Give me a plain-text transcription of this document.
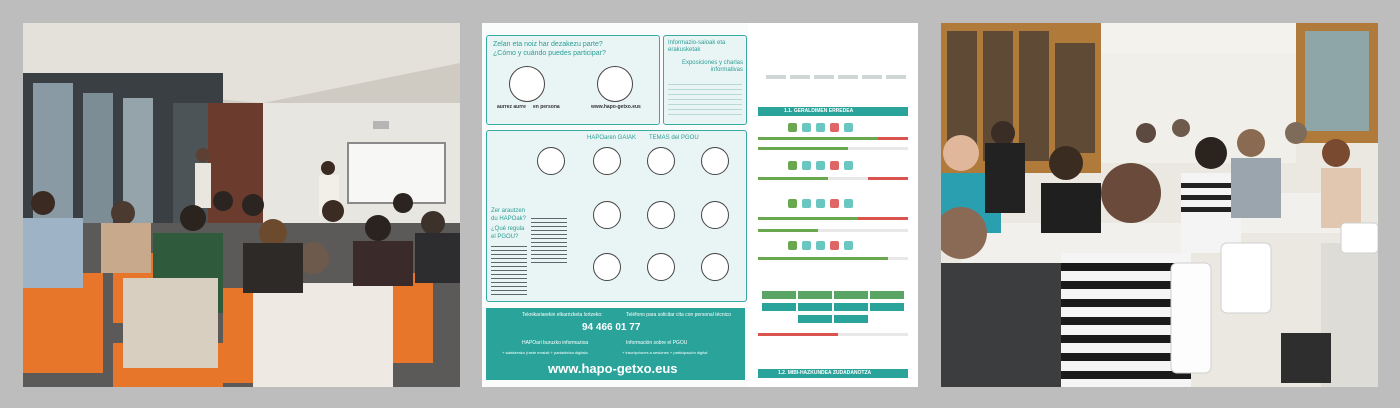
Zelan eta noiz har dezakezu parte?
¿Cómo y cuándo puedes participar?
aurrez aurre en persona	www.hapo-getxo.eus
Informazio-saioak eta erakusketak
Exposiciones y charlas informativas
HAPOaren GAIAK TEMAS del PGOU
Zer arautzen du HAPOak?
¿Qué regula el PGOU?
Teknikariarekin elkarrizketa lortzeko:	Teléfono para solicitar cita con personal técnico
94 466 01 77
HAPOari buruzko informazioa	Información sobre el PGOU
+ saiakerako (raste erraiak + partaidetza digitala	+ inscripciones a sesiones + participación digital
www.hapo-getxo.eus
1.1. GERALDIMEN ERREDEA
1.2. MIBI-HAZKUNDEA ZUDADANOTZA
